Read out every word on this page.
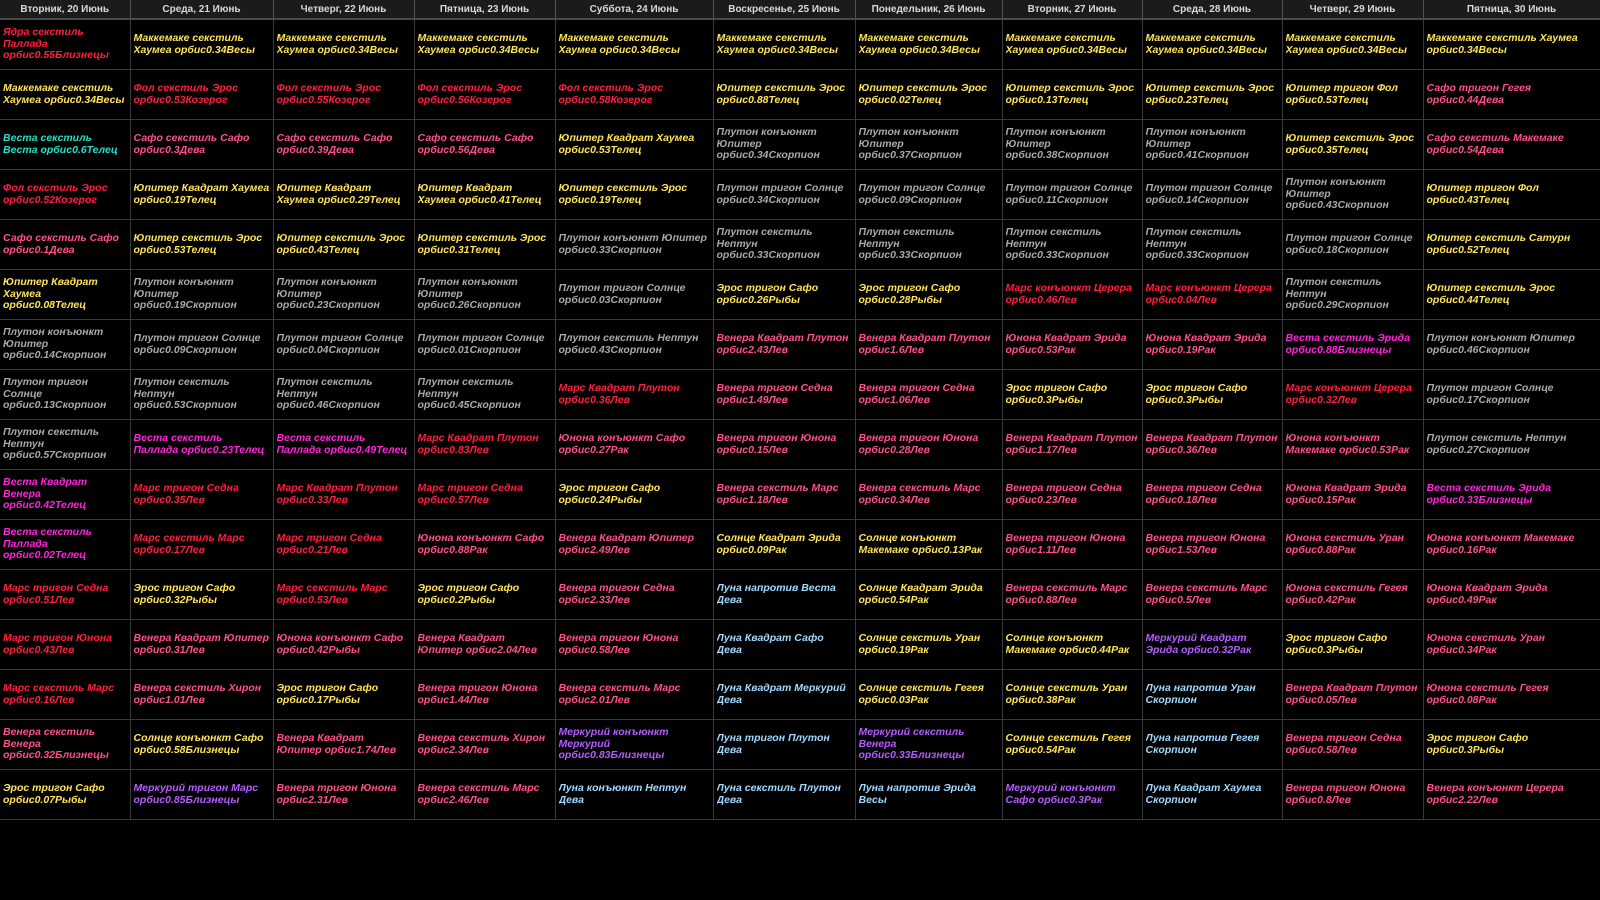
Вторник, 20 Июнь	Среда, 21 Июнь	Четверг, 22 Июнь	Пятница, 23 Июнь	Суббота, 24 Июнь	Воскресенье, 25 Июнь	Понедельник, 26 Июнь	Вторник, 27 Июнь	Среда, 28 Июнь	Четверг, 29 Июнь	Пятница, 30 Июнь

Ядра секстиль Паллада орбис0.55Близнецы	Маккемаке секстиль Хаумеа орбис0.34Весы	Маккемаке секстиль Хаумеа орбис0.34Весы	Маккемаке секстиль Хаумеа орбис0.34Весы	Маккемаке секстиль Хаумеа орбис0.34Весы	Маккемаке секстиль Хаумеа орбис0.34Весы	Маккемаке секстиль Хаумеа орбис0.34Весы	Маккемаке секстиль Хаумеа орбис0.34Весы	Маккемаке секстиль Хаумеа орбис0.34Весы	Маккемаке секстиль Хаумеа орбис0.34Весы	Маккемаке секстиль Хаумеа орбис0.34Весы

Маккемаке секстиль Хаумеа орбис0.34Весы	Фол секстиль Эрос орбис0.53Козерог	Фол секстиль Эрос орбис0.55Козерог	Фол секстиль Эрос орбис0.56Козерог	Фол секстиль Эрос орбис0.58Козерог	Юпитер секстиль Эрос орбис0.88Телец	Юпитер секстиль Эрос орбис0.02Телец	Юпитер секстиль Эрос орбис0.13Телец	Юпитер секстиль Эрос орбис0.23Телец	Юпитер тригон Фол орбис0.53Телец	Сафо тригон Гегея орбис0.44Дева

Веста секстиль Веста орбис0.6Телец	Сафо секстиль Сафо орбис0.3Дева	Сафо секстиль Сафо орбис0.39Дева	Сафо секстиль Сафо орбис0.56Дева	Юпитер Квадрат Хаумеа орбис0.53Телец	Плутон конъюнкт Юпитер орбис0.34Скорпион	Плутон конъюнкт Юпитер орбис0.37Скорпион	Плутон конъюнкт Юпитер орбис0.38Скорпион	Плутон конъюнкт Юпитер орбис0.41Скорпион	Юпитер секстиль Эрос орбис0.35Телец	Сафо секстиль Макемаке орбис0.54Дева

Фол секстиль Эрос орбис0.52Козерог	Юпитер Квадрат Хаумеа орбис0.19Телец	Юпитер Квадрат Хаумеа орбис0.29Телец	Юпитер Квадрат Хаумеа орбис0.41Телец	Юпитер секстиль Эрос орбис0.19Телец	Плутон тригон Солнце орбис0.34Скорпион	Плутон тригон Солнце орбис0.09Скорпион	Плутон тригон Солнце орбис0.11Скорпион	Плутон тригон Солнце орбис0.14Скорпион	Плутон конъюнкт Юпитер орбис0.43Скорпион	Юпитер тригон Фол орбис0.43Телец

Сафо секстиль Сафо орбис0.1Дева	Юпитер секстиль Эрос орбис0.53Телец	Юпитер секстиль Эрос орбис0.43Телец	Юпитер секстиль Эрос орбис0.31Телец	Плутон конъюнкт Юпитер орбис0.33Скорпион	Плутон секстиль Нептун орбис0.33Скорпион	Плутон секстиль Нептун орбис0.33Скорпион	Плутон секстиль Нептун орбис0.33Скорпион	Плутон секстиль Нептун орбис0.33Скорпион	Плутон тригон Солнце орбис0.18Скорпион	Юпитер секстиль Сатурн орбис0.52Телец

Юпитер Квадрат Хаумеа орбис0.08Телец	Плутон конъюнкт Юпитер орбис0.19Скорпион	Плутон конъюнкт Юпитер орбис0.23Скорпион	Плутон конъюнкт Юпитер орбис0.26Скорпион	Плутон тригон Солнце орбис0.03Скорпион	Эрос тригон Сафо орбис0.26Рыбы	Эрос тригон Сафо орбис0.28Рыбы	Марс конъюнкт Церера орбис0.46Лев	Марс конъюнкт Церера орбис0.04Лев	Плутон секстиль Нептун орбис0.29Скорпион	Юпитер секстиль Эрос орбис0.44Телец

Плутон конъюнкт Юпитер орбис0.14Скорпион	Плутон тригон Солнце орбис0.09Скорпион	Плутон тригон Солнце орбис0.04Скорпион	Плутон тригон Солнце орбис0.01Скорпион	Плутон секстиль Нептун орбис0.43Скорпион	Венера Квадрат Плутон орбис2.43Лев	Венера Квадрат Плутон орбис1.6Лев	Юнона Квадрат Эрида орбис0.53Рак	Юнона Квадрат Эрида орбис0.19Рак	Веста секстиль Эрида орбис0.88Близнецы	Плутон конъюнкт Юпитер орбис0.46Скорпион

Плутон тригон Солнце орбис0.13Скорпион	Плутон секстиль Нептун орбис0.53Скорпион	Плутон секстиль Нептун орбис0.46Скорпион	Плутон секстиль Нептун орбис0.45Скорпион	Марс Квадрат Плутон орбис0.36Лев	Венера тригон Седна орбис1.49Лев	Венера тригон Седна орбис1.06Лев	Эрос тригон Сафо орбис0.3Рыбы	Эрос тригон Сафо орбис0.3Рыбы	Марс конъюнкт Церера орбис0.32Лев	Плутон тригон Солнце орбис0.17Скорпион

Плутон секстиль Нептун орбис0.57Скорпион	Веста секстиль Паллада орбис0.23Телец	Веста секстиль Паллада орбис0.49Телец	Марс Квадрат Плутон орбис0.83Лев	Юнона конъюнкт Сафо орбис0.27Рак	Венера тригон Юнона орбис0.15Лев	Венера тригон Юнона орбис0.28Лев	Венера Квадрат Плутон орбис1.17Лев	Венера Квадрат Плутон орбис0.36Лев	Юнона конъюнкт Макемаке орбис0.53Рак	Плутон секстиль Нептун орбис0.27Скорпион

Веста Квадрат Венера орбис0.42Телец	Марс тригон Седна орбис0.35Лев	Марс Квадрат Плутон орбис0.33Лев	Марс тригон Седна орбис0.57Лев	Эрос тригон Сафо орбис0.24Рыбы	Венера секстиль Марс орбис1.18Лев	Венера секстиль Марс орбис0.34Лев	Венера тригон Седна орбис0.23Лев	Венера тригон Седна орбис0.18Лев	Юнона Квадрат Эрида орбис0.15Рак	Веста секстиль Эрида орбис0.33Близнецы

Веста секстиль Паллада орбис0.02Телец	Марс секстиль Марс орбис0.17Лев	Марс тригон Седна орбис0.21Лев	Юнона конъюнкт Сафо орбис0.88Рак	Венера Квадрат Юпитер орбис2.49Лев	Солнце Квадрат Эрида орбис0.09Рак	Солнце конъюнкт Макемаке орбис0.13Рак	Венера тригон Юнона орбис1.11Лев	Венера тригон Юнона орбис1.53Лев	Юнона секстиль Уран орбис0.88Рак	Юнона конъюнкт Макемаке орбис0.16Рак

Марс тригон Седна орбис0.51Лев	Эрос тригон Сафо орбис0.32Рыбы	Марс секстиль Марс орбис0.53Лев	Эрос тригон Сафо орбис0.2Рыбы	Венера тригон Седна орбис2.33Лев	Луна напротив Веста Дева	Солнце Квадрат Эрида орбис0.54Рак	Венера секстиль Марс орбис0.88Лев	Венера секстиль Марс орбис0.5Лев	Юнона секстиль Гегея орбис0.42Рак	Юнона Квадрат Эрида орбис0.49Рак

Марс тригон Юнона орбис0.43Лев	Венера Квадрат Юпитер орбис0.31Лев	Юнона конъюнкт Сафо орбис0.42Рыбы	Венера Квадрат Юпитер орбис2.04Лев	Венера тригон Юнона орбис0.58Лев	Луна Квадрат Сафо Дева	Солнце секстиль Уран орбис0.19Рак	Солнце конъюнкт Макемаке орбис0.44Рак	Меркурий Квадрат Эрида орбис0.32Рак	Эрос тригон Сафо орбис0.3Рыбы	Юнона секстиль Уран орбис0.34Рак

Марс секстиль Марс орбис0.16Лев	Венера секстиль Хирон орбис1.01Лев	Эрос тригон Сафо орбис0.17Рыбы	Венера тригон Юнона орбис1.44Лев	Венера секстиль Марс орбис2.01Лев	Луна Квадрат Меркурий Дева	Солнце секстиль Гегея орбис0.03Рак	Солнце секстиль Уран орбис0.38Рак	Луна напротив Уран Скорпион	Венера Квадрат Плутон орбис0.05Лев	Юнона секстиль Гегея орбис0.08Рак

Венера секстиль Венера орбис0.32Близнецы	Солнце конъюнкт Сафо орбис0.58Близнецы	Венера Квадрат Юпитер орбис1.74Лев	Венера секстиль Хирон орбис2.34Лев	Меркурий конъюнкт Меркурий орбис0.83Близнецы	Луна тригон Плутон Дева	Меркурий секстиль Венера орбис0.33Близнецы	Солнце секстиль Гегея орбис0.54Рак	Луна напротив Гегея Скорпион	Венера тригон Седна орбис0.58Лев	Эрос тригон Сафо орбис0.3Рыбы

Эрос тригон Сафо орбис0.07Рыбы	Меркурий тригон Марс орбис0.85Близнецы	Венера тригон Юнона орбис2.31Лев	Венера секстиль Марс орбис2.46Лев	Луна конъюнкт Нептун Дева	Луна секстиль Плутон Дева	Луна напротив Эрида Весы	Меркурий конъюнкт Сафо орбис0.3Рак	Луна Квадрат Хаумеа Скорпион	Венера тригон Юнона орбис0.8Лев	Венера конъюнкт Церера орбис2.22Лев
